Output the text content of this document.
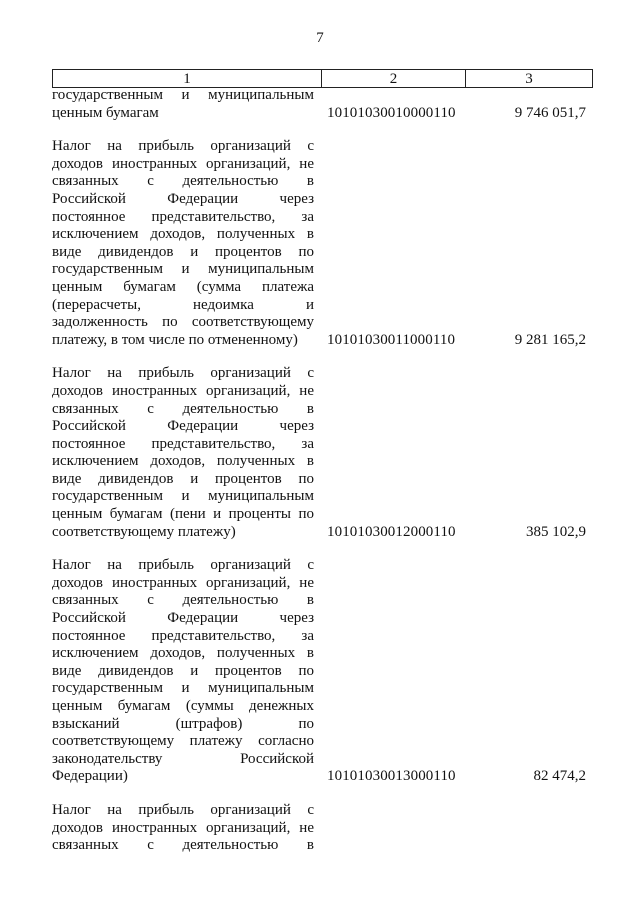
7
1	2	3
государственным и муниципальным
ценным бумагам	10101030010000110	9 746 051,7
Налог на прибыль организаций с
доходов иностранных организаций, не
связанных с деятельностью в
Российской Федерации через
постоянное представительство, за
исключением доходов, полученных в
виде дивидендов и процентов по
государственным и муниципальным
ценным бумагам (сумма платежа
(перерасчеты, недоимка и
задолженность по соответствующему
платежу, в том числе по отмененному)	10101030011000110	9 281 165,2
Налог на прибыль организаций с
доходов иностранных организаций, не
связанных с деятельностью в
Российской Федерации через
постоянное представительство, за
исключением доходов, полученных в
виде дивидендов и процентов по
государственным и муниципальным
ценным бумагам (пени и проценты по
соответствующему платежу)	10101030012000110	385 102,9
Налог на прибыль организаций с
доходов иностранных организаций, не
связанных с деятельностью в
Российской Федерации через
постоянное представительство, за
исключением доходов, полученных в
виде дивидендов и процентов по
государственным и муниципальным
ценным бумагам (суммы денежных
взысканий (штрафов) по
соответствующему платежу согласно
законодательству Российской
Федерации)	10101030013000110	82 474,2
Налог на прибыль организаций с
доходов иностранных организаций, не
связанных с деятельностью в
